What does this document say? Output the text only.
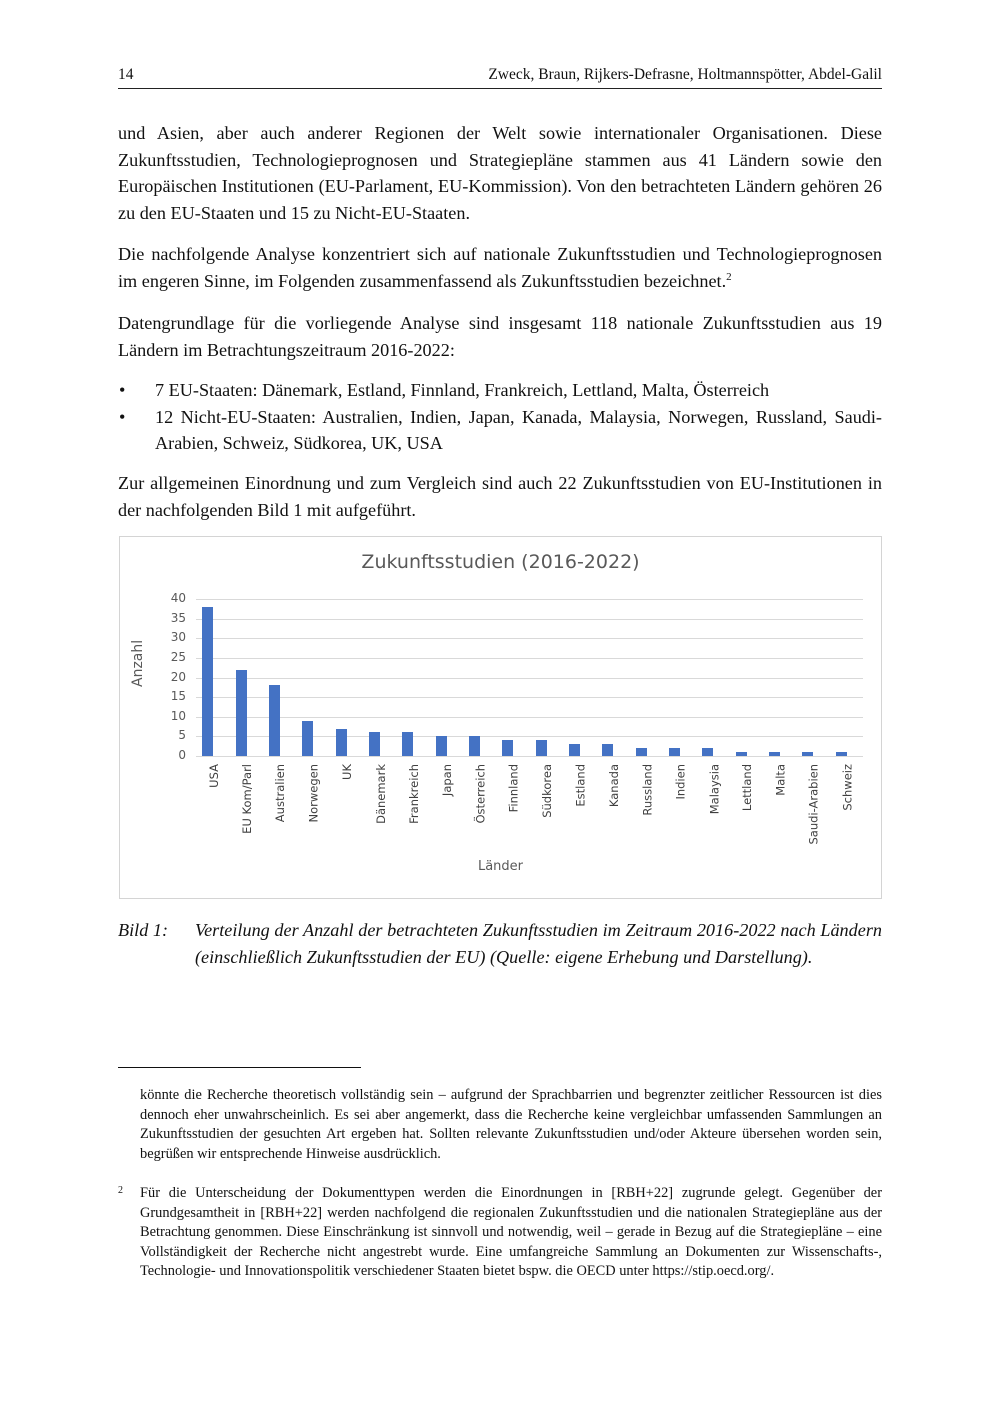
14	Zweck, Braun, Rijkers-Defrasne, Holtmannspötter, Abdel-Galil

und Asien, aber auch anderer Regionen der Welt sowie internationaler Organisationen. Diese Zukunftsstudien, Technologieprognosen und Strategiepläne stammen aus 41 Ländern sowie den Europäischen Institutionen (EU-Parlament, EU-Kommission). Von den betrachteten Ländern gehören 26 zu den EU-Staaten und 15 zu Nicht-EU-Staaten.

Die nachfolgende Analyse konzentriert sich auf nationale Zukunftsstudien und Technologieprognosen im engeren Sinne, im Folgenden zusammenfassend als Zukunftsstudien bezeichnet.$^2$

Datengrundlage für die vorliegende Analyse sind insgesamt 118 nationale Zukunftsstudien aus 19 Ländern im Betrachtungszeitraum 2016-2022:

• 7 EU-Staaten: Dänemark, Estland, Finnland, Frankreich, Lettland, Malta, Österreich
• 12 Nicht-EU-Staaten: Australien, Indien, Japan, Kanada, Malaysia, Norwegen, Russland, Saudi-Arabien, Schweiz, Südkorea, UK, USA

Zur allgemeinen Einordnung und zum Vergleich sind auch 22 Zukunftsstudien von EU-Institutionen in der nachfolgenden Bild 1 mit aufgeführt.

Zukunftsstudien (2016-2022)
Anzahl
0
5
10
15
20
25
30
35
40
USA EU Kom/Parl Australien Norwegen UK Dänemark Frankreich Japan Österreich Finnland Südkorea Estland Kanada Russland Indien Malaysia Lettland Malta Saudi-Arabien Schweiz
Länder
Bild 1: Verteilung der Anzahl der betrachteten Zukunftsstudien im Zeitraum 2016-2022 nach Ländern (einschließlich Zukunftsstudien der EU) (Quelle: eigene Erhebung und Darstellung).

könnte die Recherche theoretisch vollständig sein – aufgrund der Sprachbarrien und begrenzter zeitlicher Ressourcen ist dies dennoch eher unwahrscheinlich. Es sei aber angemerkt, dass die Recherche keine vergleichbar umfassenden Sammlungen an Zukunftsstudien der gesuchten Art ergeben hat. Sollten relevante Zukunftsstudien und/oder Akteure übersehen worden sein, begrüßen wir entsprechende Hinweise ausdrücklich.

2 Für die Unterscheidung der Dokumenttypen werden die Einordnungen in [RBH+22] zugrunde gelegt. Gegenüber der Grundgesamtheit in [RBH+22] werden nachfolgend die regionalen Zukunftsstudien und die nationalen Strategiepläne aus der Betrachtung genommen. Diese Einschränkung ist sinnvoll und notwendig, weil – gerade in Bezug auf die Strategiepläne – eine Vollständigkeit der Recherche nicht angestrebt wurde. Eine umfangreiche Sammlung an Dokumenten zur Wissenschafts-, Technologie- und Innovationspolitik verschiedener Staaten bietet bspw. die OECD unter https://stip.oecd.org/.
